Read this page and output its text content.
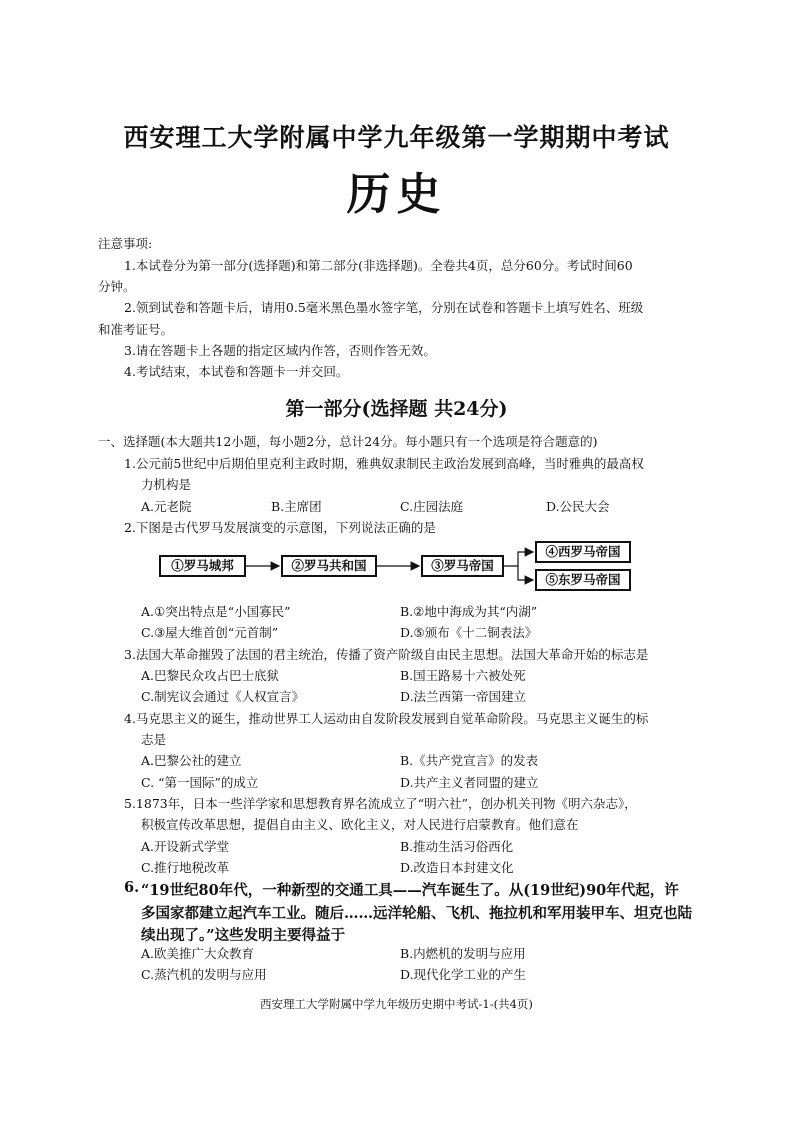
西安理工大学附属中学九年级第一学期期中考试
历史
注意事项:
1.本试卷分为第一部分(选择题)和第二部分(非选择题)。全卷共4页，总分60分。考试时间60
分钟。
2.领到试卷和答题卡后，请用0.5毫米黑色墨水签字笔，分别在试卷和答题卡上填写姓名、班级
和准考证号。
3.请在答题卡上各题的指定区域内作答，否则作答无效。
4.考试结束，本试卷和答题卡一并交回。
第一部分(选择题 共24分)
一、选择题(本大题共12小题，每小题2分，总计24分。每小题只有一个选项是符合题意的)
1.公元前5世纪中后期伯里克利主政时期，雅典奴隶制民主政治发展到高峰，当时雅典的最高权
力机构是
A.元老院	B.主席团	C.庄园法庭	D.公民大会
2.下图是古代罗马发展演变的示意图，下列说法正确的是
①罗马城邦	②罗马共和国	③罗马帝国
④西罗马帝国
⑤东罗马帝国
A.①突出特点是“小国寡民”	B.②地中海成为其“内湖”
C.③屋大维首创“元首制”	D.⑤颁布《十二铜表法》
3.法国大革命摧毁了法国的君主统治，传播了资产阶级自由民主思想。法国大革命开始的标志是
A.巴黎民众攻占巴士底狱	B.国王路易十六被处死
C.制宪议会通过《人权宣言》	D.法兰西第一帝国建立
4.马克思主义的诞生，推动世界工人运动由自发阶段发展到自觉革命阶段。马克思主义诞生的标
志是
A.巴黎公社的建立	B.《共产党宣言》的发表
C. “第一国际”的成立	D.共产主义者同盟的建立
5.1873年，日本一些洋学家和思想教育界名流成立了“明六社”，创办机关刊物《明六杂志》，
积极宣传改革思想，提倡自由主义、欧化主义，对人民进行启蒙教育。他们意在
A.开设新式学堂	B.推动生活习俗西化
C.推行地税改革	D.改造日本封建文化
6. “19世纪80年代，一种新型的交通工具——汽车诞生了。从(19世纪)90年代起，许
多国家都建立起汽车工业。随后……远洋轮船、飞机、拖拉机和军用装甲车、坦克也陆
续出现了。”这些发明主要得益于
A.欧美推广大众教育	B.内燃机的发明与应用
C.蒸汽机的发明与应用	D.现代化学工业的产生
西安理工大学附属中学九年级历史期中考试-1-(共4页)
